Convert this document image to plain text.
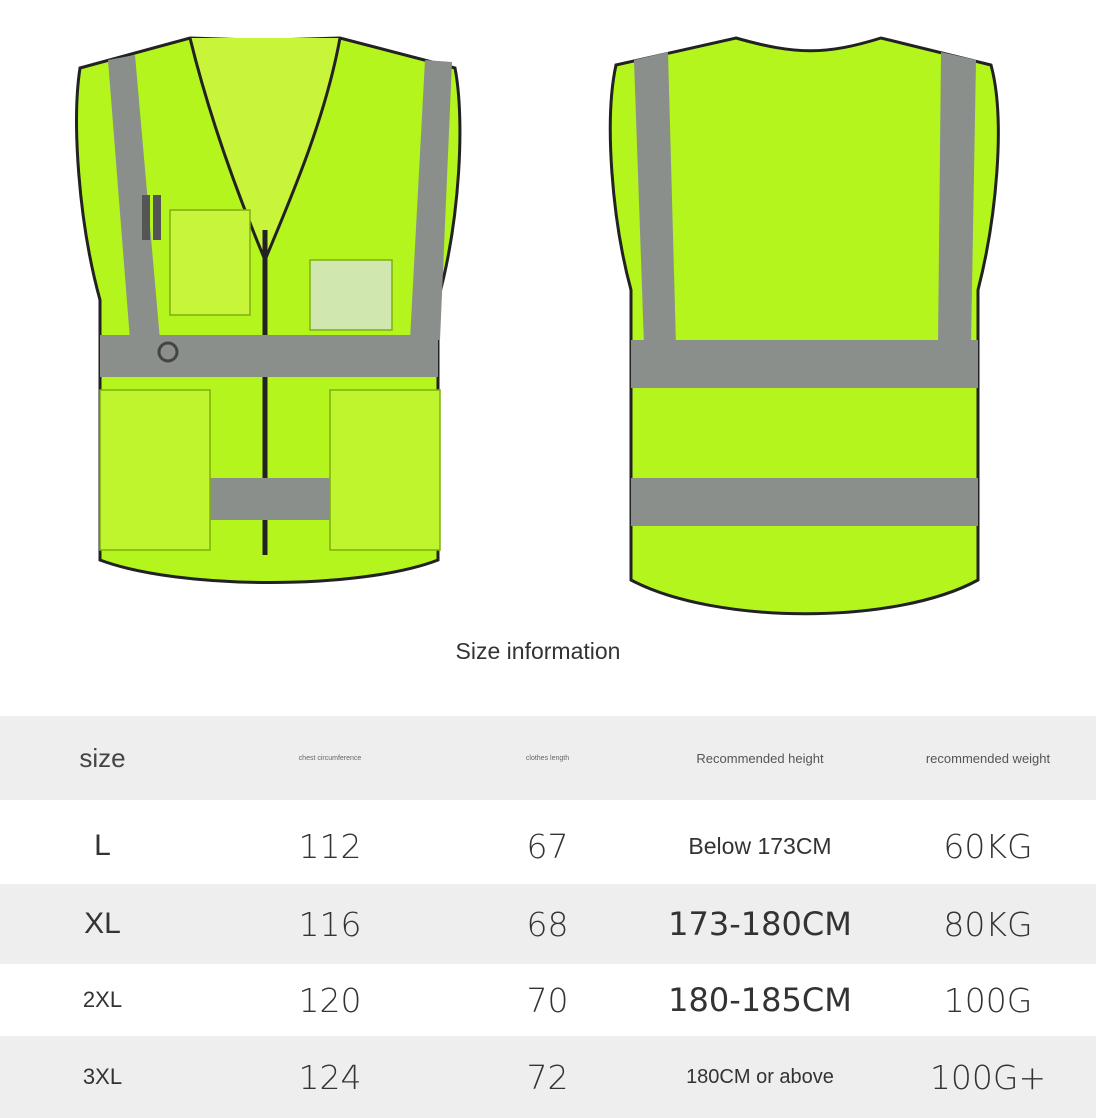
Size information
size	chest circumference	clothes length	Recommended height	recommended weight
L	112	67	Below 173CM	60KG
XL	116	68	173-180CM	80KG
2XL	120	70	180-185CM	100G
3XL	124	72	180CM or above	100G+
